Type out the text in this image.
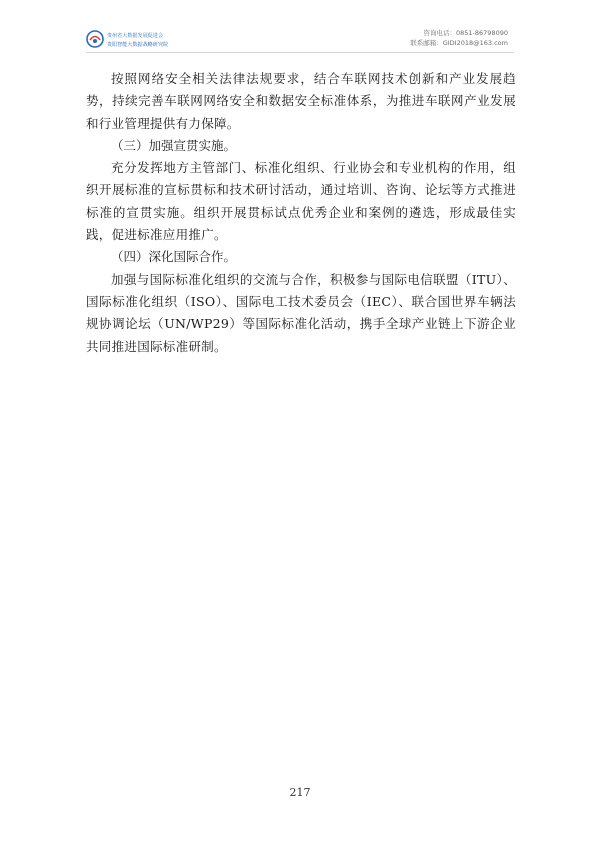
贵州省大数据发展促进会
贵阳智能大数据战略研究院
咨询电话：0851-86798090
联系邮箱：GIDI2018@163.com

按照网络安全相关法律法规要求，结合车联网技术创新和产业发展趋势，持续完善车联网网络安全和数据安全标准体系，为推进车联网产业发展和行业管理提供有力保障。

（三）加强宣贯实施。

充分发挥地方主管部门、标准化组织、行业协会和专业机构的作用，组织开展标准的宣标贯标和技术研讨活动，通过培训、咨询、论坛等方式推进标准的宣贯实施。组织开展贯标试点优秀企业和案例的遴选，形成最佳实践，促进标准应用推广。

（四）深化国际合作。

加强与国际标准化组织的交流与合作，积极参与国际电信联盟（ITU）、国际标准化组织（ISO）、国际电工技术委员会（IEC）、联合国世界车辆法规协调论坛（UN/WP29）等国际标准化活动，携手全球产业链上下游企业共同推进国际标准研制。

217
